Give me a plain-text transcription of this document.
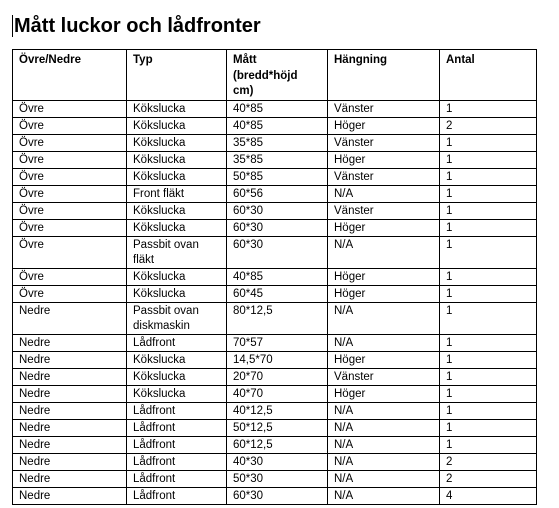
Mått luckor och lådfronter
Övre/Nedre	Typ	Mått (bredd*höjd cm)	Hängning	Antal
Övre	Kökslucka	40*85	Vänster	1
Övre	Kökslucka	40*85	Höger	2
Övre	Kökslucka	35*85	Vänster	1
Övre	Kökslucka	35*85	Höger	1
Övre	Kökslucka	50*85	Vänster	1
Övre	Front fläkt	60*56	N/A	1
Övre	Kökslucka	60*30	Vänster	1
Övre	Kökslucka	60*30	Höger	1
Övre	Passbit ovan fläkt	60*30	N/A	1
Övre	Kökslucka	40*85	Höger	1
Övre	Kökslucka	60*45	Höger	1
Nedre	Passbit ovan diskmaskin	80*12,5	N/A	1
Nedre	Lådfront	70*57	N/A	1
Nedre	Kökslucka	14,5*70	Höger	1
Nedre	Kökslucka	20*70	Vänster	1
Nedre	Kökslucka	40*70	Höger	1
Nedre	Lådfront	40*12,5	N/A	1
Nedre	Lådfront	50*12,5	N/A	1
Nedre	Lådfront	60*12,5	N/A	1
Nedre	Lådfront	40*30	N/A	2
Nedre	Lådfront	50*30	N/A	2
Nedre	Lådfront	60*30	N/A	4
